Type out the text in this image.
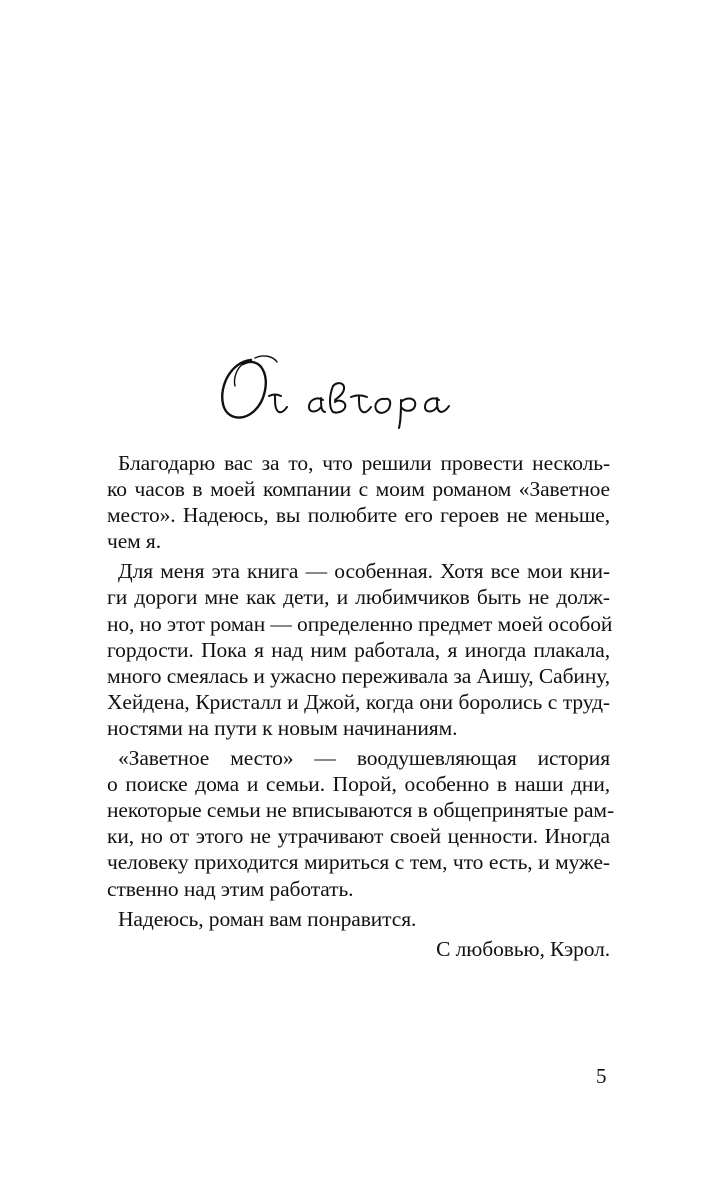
От автора
Благодарю вас за то, что решили провести несколь-
ко часов в моей компании с моим романом «Заветное
место». Надеюсь, вы полюбите его героев не меньше,
чем я.
Для меня эта книга — особенная. Хотя все мои кни-
ги дороги мне как дети, и любимчиков быть не долж-
но, но этот роман — определенно предмет моей особой
гордости. Пока я над ним работала, я иногда плакала,
много смеялась и ужасно переживала за Аишу, Сабину,
Хейдена, Кристалл и Джой, когда они боролись с труд-
ностями на пути к новым начинаниям.
«Заветное место» — воодушевляющая история
о поиске дома и семьи. Порой, особенно в наши дни,
некоторые семьи не вписываются в общепринятые рам-
ки, но от этого не утрачивают своей ценности. Иногда
человеку приходится мириться с тем, что есть, и муже-
ственно над этим работать.
Надеюсь, роман вам понравится.
С любовью, Кэрол.
5
